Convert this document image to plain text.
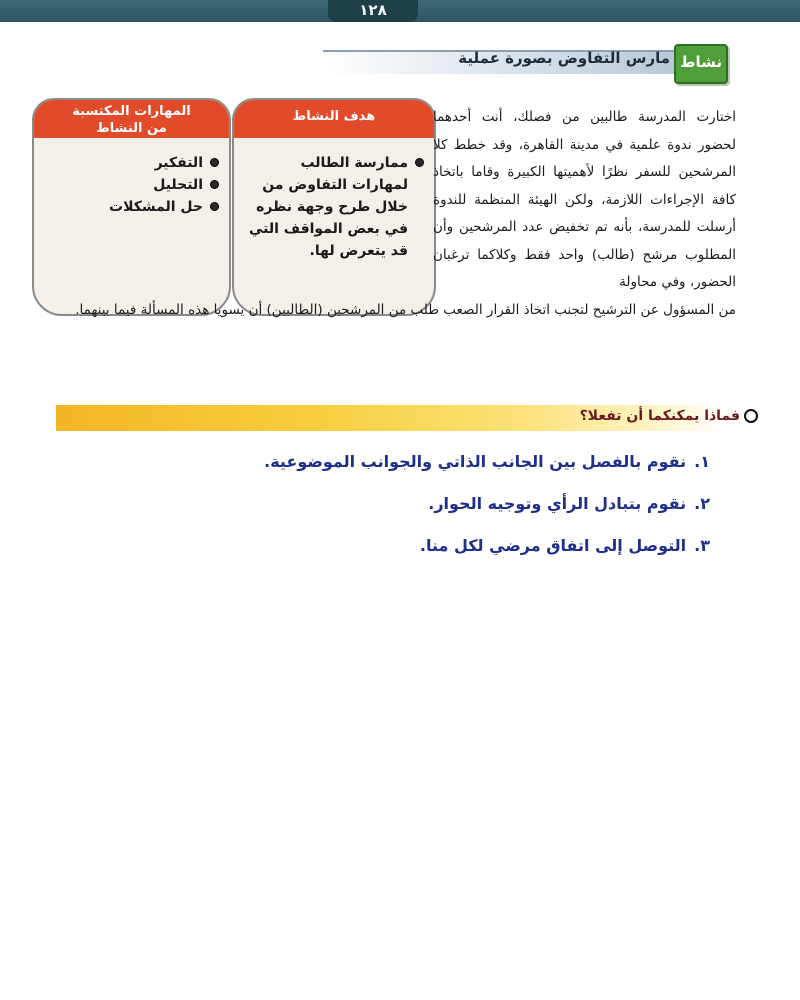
١٢٨
مارس التفاوض بصورة عملية نشاط
هدف النشاط
ممارسة الطالب لمهارات التفاوض من خلال طرح وجهة نظره في بعض المواقف التي قد يتعرض لها.
المهارات المكتسبة
من النشاط
التفكير
التحليل
حل المشكلات

اختارت المدرسة طالبين من فصلك، أنت أحدهما لحضور ندوة علمية في مدينة القاهرة، وقد خطط كلا المرشحين للسفر نظرًا لأهميتها الكبيرة وقاما باتخاذ كافة الإجراءات اللازمة، ولكن الهيئة المنظمة للندوة أرسلت للمدرسة، بأنه تم تخفيض عدد المرشحين وأن المطلوب مرشح (طالب) واحد فقط وكلاكما ترغبان الحضور، وفي محاولة

من المسؤول عن الترشيح لتجنب اتخاذ القرار الصعب طلب من المرشحين (الطالبين) أن يسويا هذه المسألة فيما بينهما.

فماذا يمكنكما أن تفعلا؟
١.
نقوم بالفصل بين الجانب الذاتي والجوانب الموضوعية.
٢.
نقوم بتبادل الرأي وتوجيه الحوار.
٣.
التوصل إلى اتفاق مرضي لكل منا.
